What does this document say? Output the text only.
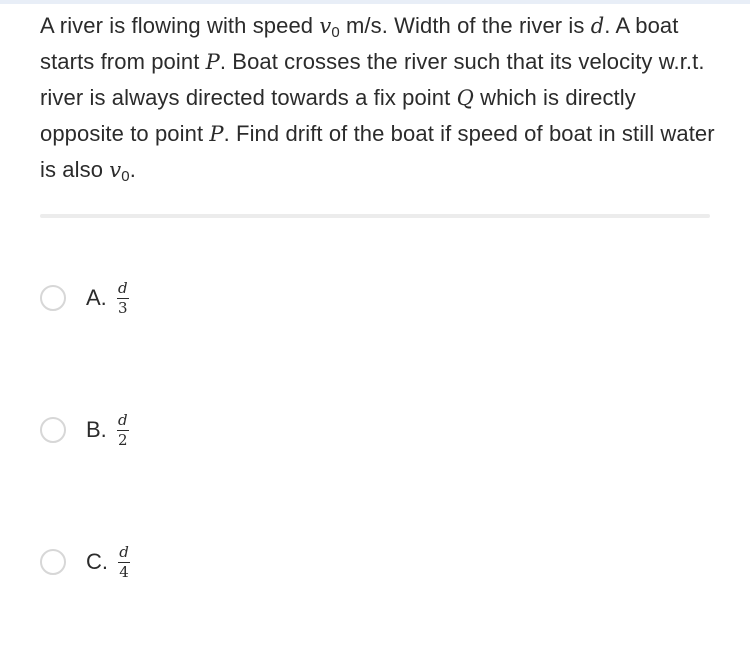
A river is flowing with speed $v_0$ m/s. Width of the river is d. A boat starts from point P. Boat crosses the river such that its velocity w.r.t. river is always directed towards a fix point Q which is directly opposite to point P. Find drift of the boat if speed of boat in still water is also $v_0$.
A. $\frac{d}{3}$
B. $\frac{d}{2}$
C. $\frac{d}{4}$
